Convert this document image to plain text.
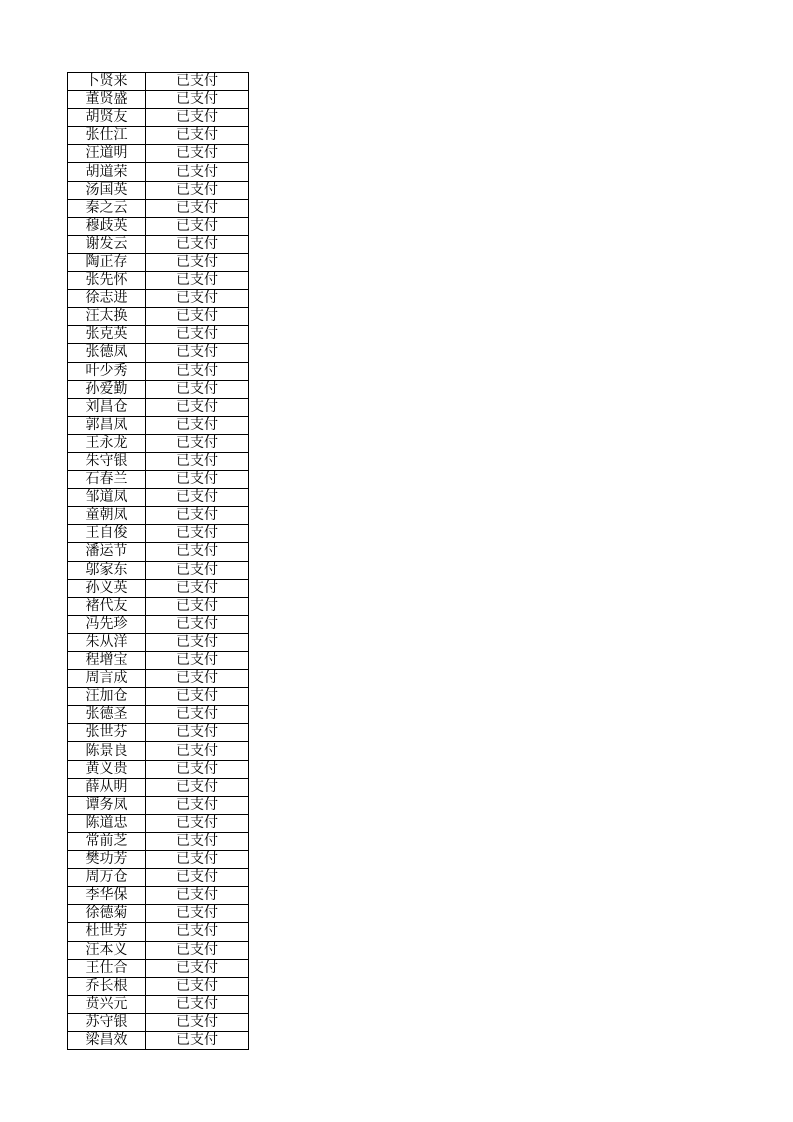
卜贤来	已支付
董贤盛	已支付
胡贤友	已支付
张仕江	已支付
汪道明	已支付
胡道荣	已支付
汤国英	已支付
秦之云	已支付
穆歧英	已支付
谢发云	已支付
陶正存	已支付
张先怀	已支付
徐志进	已支付
汪太换	已支付
张克英	已支付
张德凤	已支付
叶少秀	已支付
孙爱勤	已支付
刘昌仓	已支付
郭昌凤	已支付
王永龙	已支付
朱守银	已支付
石春兰	已支付
邹道凤	已支付
童朝凤	已支付
王自俊	已支付
潘运节	已支付
邬家东	已支付
孙义英	已支付
褚代友	已支付
冯先珍	已支付
朱从洋	已支付
程增宝	已支付
周言成	已支付
汪加仓	已支付
张德圣	已支付
张世芬	已支付
陈景良	已支付
黄义贵	已支付
薛从明	已支付
谭务凤	已支付
陈道忠	已支付
常前芝	已支付
樊功芳	已支付
周万仓	已支付
李华保	已支付
徐德菊	已支付
杜世芳	已支付
汪本义	已支付
王仕合	已支付
乔长根	已支付
贲兴元	已支付
苏守银	已支付
梁昌效	已支付
